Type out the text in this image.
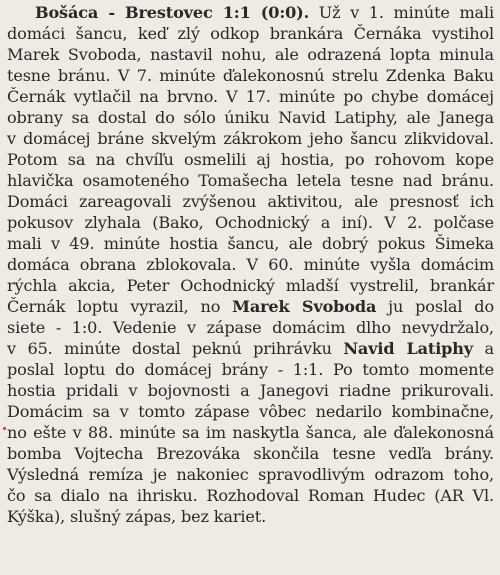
Bošáca - Brestovec 1:1 (0:0). Už v 1. minúte mali
domáci šancu, keď zlý odkop brankára Černáka vystihol
Marek Svoboda, nastavil nohu, ale odrazená lopta minula
tesne bránu. V 7. minúte ďalekonosnú strelu Zdenka Baku
Černák vytlačil na brvno. V 17. minúte po chybe domácej
obrany sa dostal do sólo úniku Navid Latiphy, ale Janega
v domácej bráne skvelým zákrokom jeho šancu zlikvidoval.
Potom sa na chvíľu osmelili aj hostia, po rohovom kope
hlavička osamoteného Tomašecha letela tesne nad bránu.
Domáci zareagovali zvýšenou aktivitou, ale presnosť ich
pokusov zlyhala (Bako, Ochodnický a iní). V 2. polčase
mali v 49. minúte hostia šancu, ale dobrý pokus Šimeka
domáca obrana zblokovala. V 60. minúte vyšla domácim
rýchla akcia, Peter Ochodnický mladší vystrelil, brankár
Černák loptu vyrazil, no Marek Svoboda ju poslal do
siete - 1:0. Vedenie v zápase domácim dlho nevydržalo,
v 65. minúte dostal peknú prihrávku Navid Latiphy a
poslal loptu do domácej brány - 1:1. Po tomto momente
hostia pridali v bojovnosti a Janegovi riadne prikurovali.
Domácim sa v tomto zápase vôbec nedarilo kombinačne,
no ešte v 88. minúte sa im naskytla šanca, ale ďalekonosná
bomba Vojtecha Brezováka skončila tesne vedľa brány.
Výsledná remíza je nakoniec spravodlivým odrazom toho,
čo sa dialo na ihrisku. Rozhodoval Roman Hudec (AR Vl.
Kýška), slušný zápas, bez kariet.
